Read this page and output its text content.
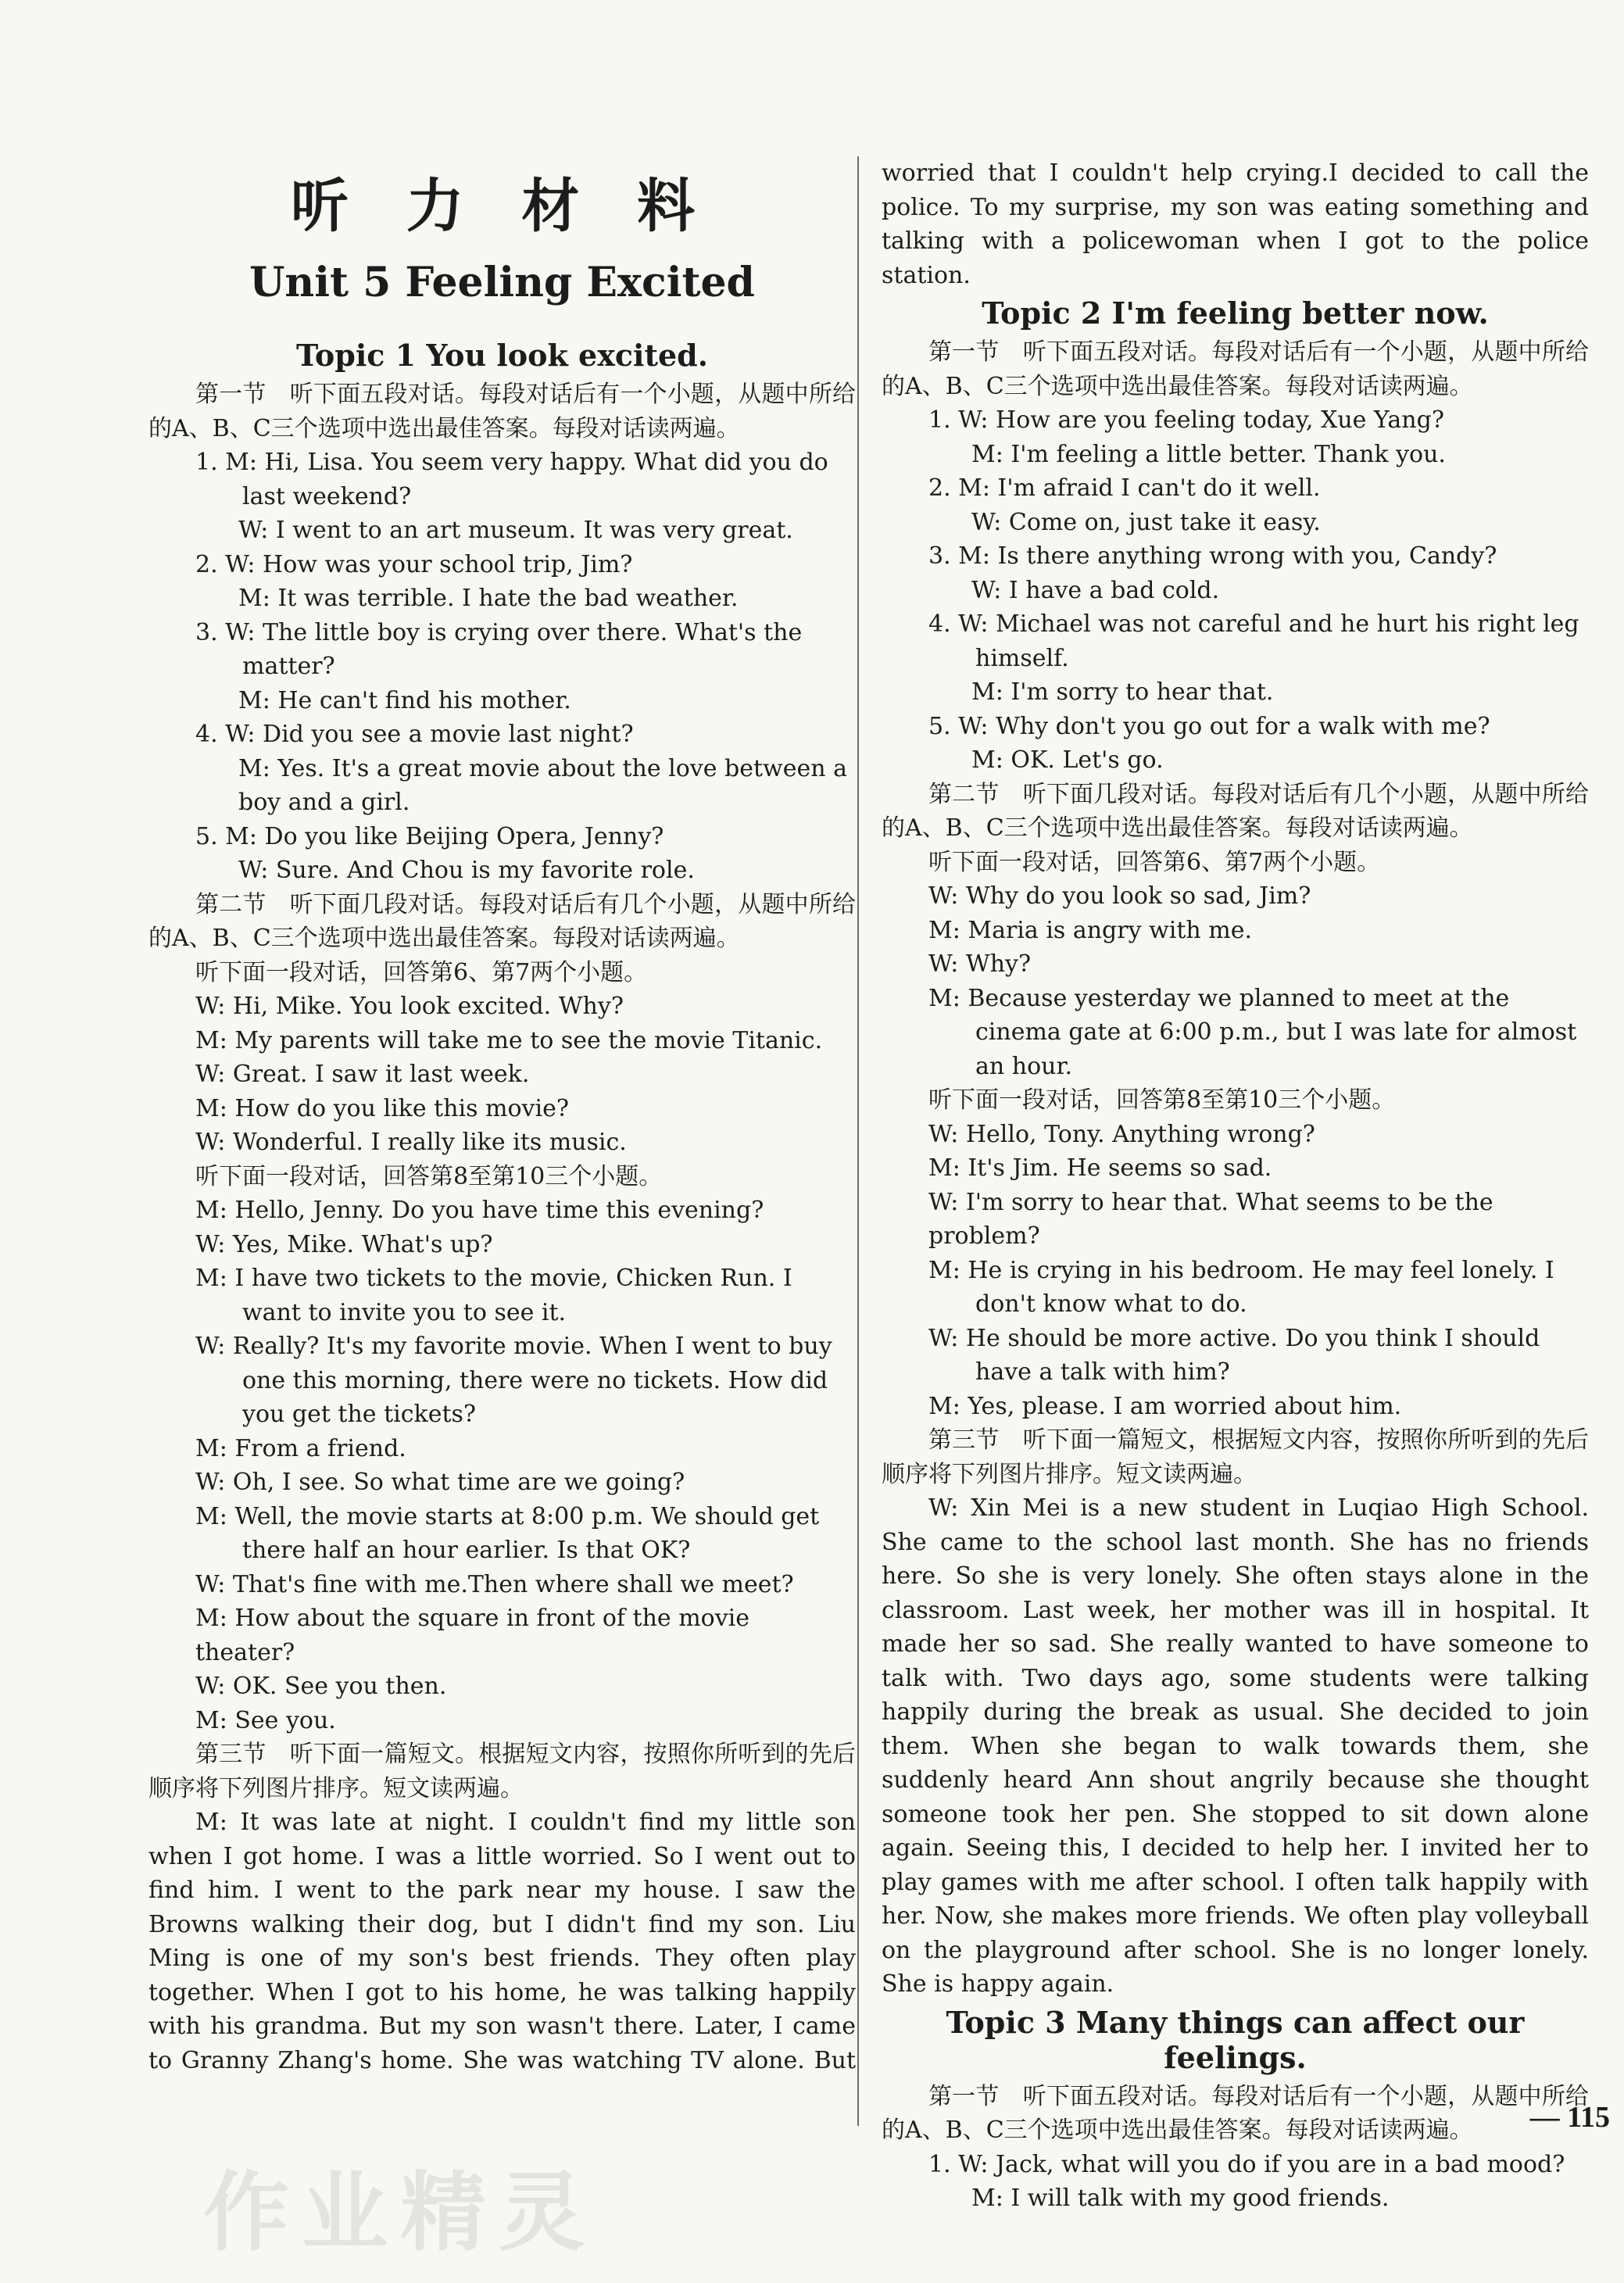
听 力 材 料
Unit 5 Feeling Excited
Topic 1 You look excited.

第一节　听下面五段对话。每段对话后有一个小题，从题中所给的A、B、C三个选项中选出最佳答案。每段对话读两遍。

1. M: Hi, Lisa. You seem very happy. What did you do last weekend?

W: I went to an art museum. It was very great.

2. W: How was your school trip, Jim?

M: It was terrible. I hate the bad weather.

3. W: The little boy is crying over there. What's the matter?

M: He can't find his mother.

4. W: Did you see a movie last night?

M: Yes. It's a great movie about the love between a boy and a girl.

5. M: Do you like Beijing Opera, Jenny?

W: Sure. And Chou is my favorite role.

第二节　听下面几段对话。每段对话后有几个小题，从题中所给的A、B、C三个选项中选出最佳答案。每段对话读两遍。

听下面一段对话，回答第6、第7两个小题。

W: Hi, Mike. You look excited. Why?

M: My parents will take me to see the movie Titanic.

W: Great. I saw it last week.

M: How do you like this movie?

W: Wonderful. I really like its music.

听下面一段对话，回答第8至第10三个小题。

M: Hello, Jenny. Do you have time this evening?

W: Yes, Mike. What's up?

M: I have two tickets to the movie, Chicken Run. I want to invite you to see it.

W: Really? It's my favorite movie. When I went to buy one this morning, there were no tickets. How did you get the tickets?

M: From a friend.

W: Oh, I see. So what time are we going?

M: Well, the movie starts at 8:00 p.m. We should get there half an hour earlier. Is that OK?

W: That's fine with me.Then where shall we meet?

M: How about the square in front of the movie theater?

W: OK. See you then.

M: See you.

第三节　听下面一篇短文。根据短文内容，按照你所听到的先后顺序将下列图片排序。短文读两遍。

M: It was late at night. I couldn't find my little son when I got home. I was a little worried. So I went out to find him. I went to the park near my house. I saw the Browns walking their dog, but I didn't find my son. Liu Ming is one of my son's best friends. They often play together. When I got to his home, he was talking happily with his grandma. But my son wasn't there. Later, I came to Granny Zhang's home. She was watching TV alone. But

worried that I couldn't help crying.I decided to call the police. To my surprise, my son was eating something and talking with a policewoman when I got to the police station.

Topic 2 I'm feeling better now.

第一节　听下面五段对话。每段对话后有一个小题，从题中所给的A、B、C三个选项中选出最佳答案。每段对话读两遍。

1. W: How are you feeling today, Xue Yang?

M: I'm feeling a little better. Thank you.

2. M: I'm afraid I can't do it well.

W: Come on, just take it easy.

3. M: Is there anything wrong with you, Candy?

W: I have a bad cold.

4. W: Michael was not careful and he hurt his right leg himself.

M: I'm sorry to hear that.

5. W: Why don't you go out for a walk with me?

M: OK. Let's go.

第二节　听下面几段对话。每段对话后有几个小题，从题中所给的A、B、C三个选项中选出最佳答案。每段对话读两遍。

听下面一段对话，回答第6、第7两个小题。

W: Why do you look so sad, Jim?

M: Maria is angry with me.

W: Why?

M: Because yesterday we planned to meet at the cinema gate at 6:00 p.m., but I was late for almost an hour.

听下面一段对话，回答第8至第10三个小题。

W: Hello, Tony. Anything wrong?

M: It's Jim. He seems so sad.

W: I'm sorry to hear that. What seems to be the problem?

M: He is crying in his bedroom. He may feel lonely. I don't know what to do.

W: He should be more active. Do you think I should have a talk with him?

M: Yes, please. I am worried about him.

第三节　听下面一篇短文，根据短文内容，按照你所听到的先后顺序将下列图片排序。短文读两遍。

W: Xin Mei is a new student in Luqiao High School. She came to the school last month. She has no friends here. So she is very lonely. She often stays alone in the classroom. Last week, her mother was ill in hospital. It made her so sad. She really wanted to have someone to talk with. Two days ago, some students were talking happily during the break as usual. She decided to join them. When she began to walk towards them, she suddenly heard Ann shout angrily because she thought someone took her pen. She stopped to sit down alone again. Seeing this, I decided to help her. I invited her to play games with me after school. I often talk happily with her. Now, she makes more friends. We often play volleyball on the playground after school. She is no longer lonely. She is happy again.

Topic 3 Many things can affect our feelings.

第一节　听下面五段对话。每段对话后有一个小题，从题中所给的A、B、C三个选项中选出最佳答案。每段对话读两遍。

1. W: Jack, what will you do if you are in a bad mood?

M: I will talk with my good friends.

— 115
作业精灵
